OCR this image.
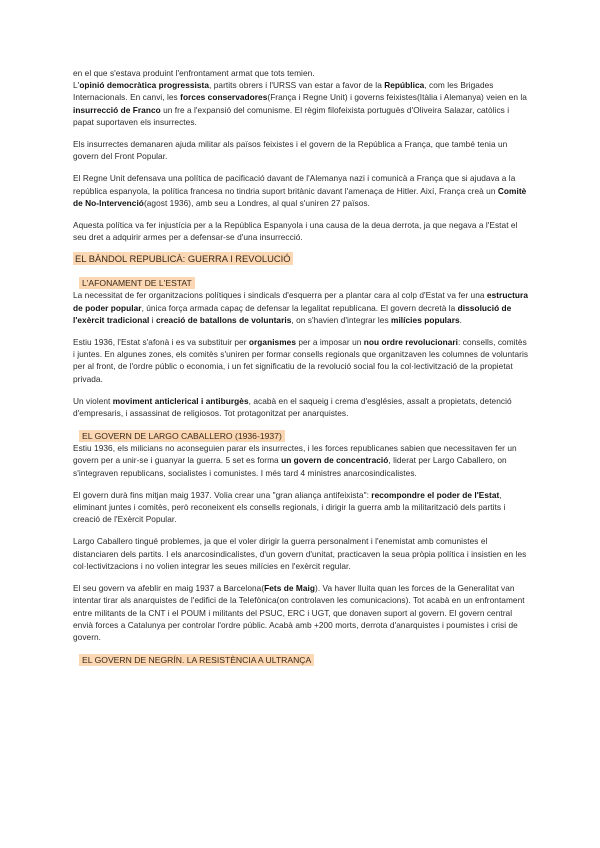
en el que s'estava produint l'enfrontament armat que tots temien.
L'opinió democràtica progressista, partits obrers i l'URSS van estar a favor de la República, com les Brigades Internacionals. En canvi, les forces conservadores(França i Regne Unit) i governs feixistes(Itàlia i Alemanya) veien en la insurrecció de Franco un fre a l'expansió del comunisme. El règim filofeixista portuguès d'Oliveira Salazar, catòlics i papat suportaven els insurrectes.

Els insurrectes demanaren ajuda militar als països feixistes i el govern de la República a França, que també tenia un govern del Front Popular.

El Regne Unit defensava una política de pacificació davant de l'Alemanya nazi i comunicà a França que si ajudava a la república espanyola, la política francesa no tindria suport britànic davant l'amenaça de Hitler. Així, França creà un Comitè de No-Intervenció(agost 1936), amb seu a Londres, al qual s'uniren 27 països.

Aquesta política va fer injustícia per a la República Espanyola i una causa de la deua derrota, ja que negava a l'Estat el seu dret a adquirir armes per a defensar-se d'una insurrecció.

EL BÀNDOL REPUBLICÀ: GUERRA I REVOLUCIÓ
L'AFONAMENT DE L'ESTAT

La necessitat de fer organitzacions polítiques i sindicals d'esquerra per a plantar cara al colp d'Estat va fer una estructura de poder popular, única força armada capaç de defensar la legalitat republicana. El govern decretà la dissolució de l'exèrcit tradicional i creació de batallons de voluntaris, on s'havien d'integrar les milícies populars.

Estiu 1936, l'Estat s'afonà i es va substituir per organismes per a imposar un nou ordre revolucionari: consells, comitès i juntes. En algunes zones, els comitès s'uniren per formar consells regionals que organitzaven les columnes de voluntaris per al front, de l'ordre públic o economia, i un fet significatiu de la revolució social fou la col·lectivització de la propietat privada.

Un violent moviment anticlerical i antiburgès, acabà en el saqueig i crema d'esglésies, assalt a propietats, detenció d'empresaris, i assassinat de religiosos. Tot protagonitzat per anarquistes.

EL GOVERN DE LARGO CABALLERO (1936-1937)

Estiu 1936, els milicians no aconseguien parar els insurrectes, i les forces republicanes sabien que necessitaven fer un govern per a unir-se i guanyar la guerra. 5 set es forma un govern de concentració, liderat per Largo Caballero, on s'integraven republicans, socialistes i comunistes. I més tard 4 ministres anarcosindicalistes.

El govern durà fins mitjan maig 1937. Volia crear una "gran aliança antifeixista": recompondre el poder de l'Estat, eliminant juntes i comitès, però reconeixent els consells regionals, i dirigir la guerra amb la militarització dels partits i creació de l'Exèrcit Popular.

Largo Caballero tingué problemes, ja que el voler dirigir la guerra personalment i l'enemistat amb comunistes el distanciaren dels partits. I els anarcosindicalistes, d'un govern d'unitat, practicaven la seua pròpia política i insistien en les col·lectivitzacions i no volien integrar les seues milícies en l'exèrcit regular.

El seu govern va afeblir en maig 1937 a Barcelona(Fets de Maig). Va haver lluita quan les forces de la Generalitat van intentar tirar als anarquistes de l'edifici de la Telefònica(on controlaven les comunicacions). Tot acabà en un enfrontament entre militants de la CNT i el POUM i militants del PSUC, ERC i UGT, que donaven suport al govern. El govern central envià forces a Catalunya per controlar l'ordre públic. Acabà amb +200 morts, derrota d'anarquistes i poumistes i crisi de govern.

EL GOVERN DE NEGRÍN. LA RESISTÈNCIA A ULTRANÇA
